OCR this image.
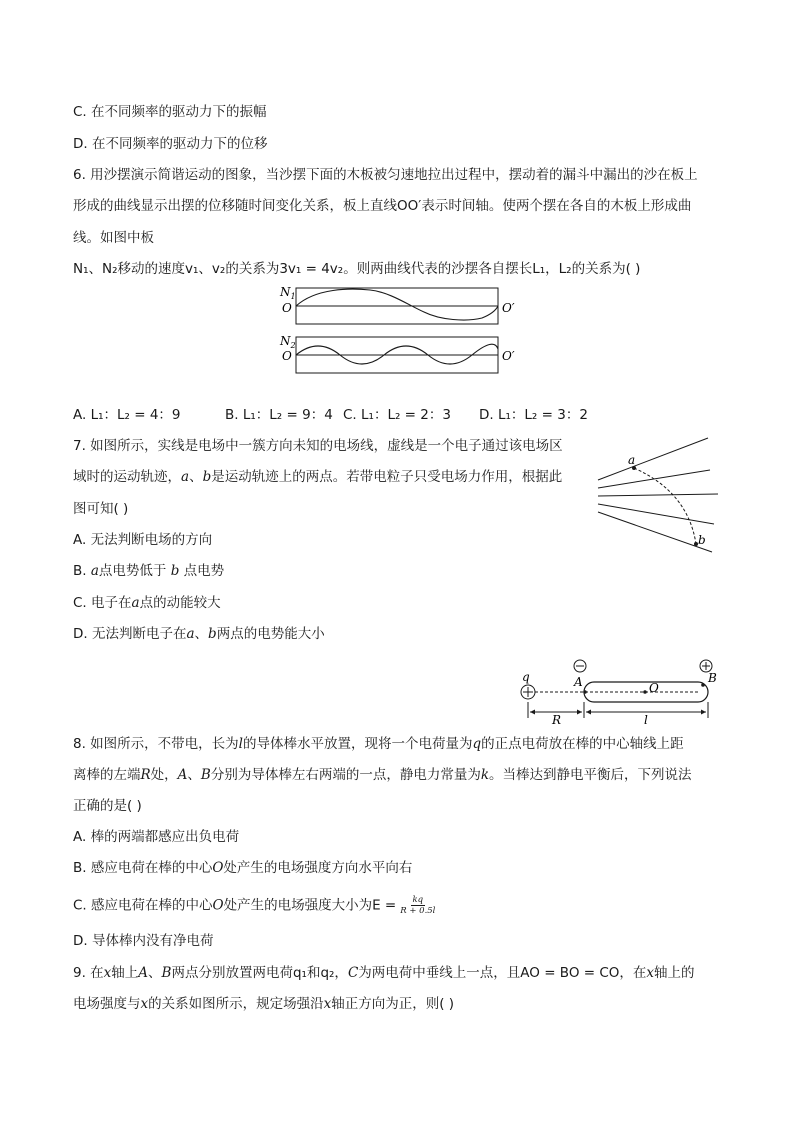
C. 在不同频率的驱动力下的振幅
D. 在不同频率的驱动力下的位移
6. 用沙摆演示简谐运动的图象，当沙摆下面的木板被匀速地拉出过程中，摆动着的漏斗中漏出的沙在板上
形成的曲线显示出摆的位移随时间变化关系，板上直线OO′表示时间轴。使两个摆在各自的木板上形成曲
线。如图中板
N₁、N₂移动的速度v₁、v₂的关系为3v₁ = 4v₂。则两曲线代表的沙摆各自摆长L₁，L₂的关系为( )
$N_1$
O	O′
$N_2$
O	O′
A. L₁：L₂ = 4：9	B. L₁：L₂ = 9：4 C. L₁：L₂ = 2：3 D. L₁：L₂ = 3：2
7. 如图所示，实线是电场中一簇方向未知的电场线，虚线是一个电子通过该电场区
域时的运动轨迹，a、b是运动轨迹上的两点。若带电粒子只受电场力作用，根据此
图可知( )
A. 无法判断电场的方向
B. a点电势低于 b 点电势
C. 电子在a点的动能较大
D. 无法判断电子在a、b两点的电势能大小
a
b
q	A	O
B
R	l
8. 如图所示，不带电，长为l的导体棒水平放置，现将一个电荷量为q的正点电荷放在棒的中心轴线上距
离棒的左端R处，A、B分别为导体棒左右两端的一点，静电力常量为k。当棒达到静电平衡后，下列说法
正确的是( )
A. 棒的两端都感应出负电荷
B. 感应电荷在棒的中心O处产生的电场强度方向水平向右
C. 感应电荷在棒的中心O处产生的电场强度大小为$E = \frac{kq}{R + 0.5l}$
D. 导体棒内没有净电荷
9. 在x轴上A、B两点分别放置两电荷q₁和q₂，C为两电荷中垂线上一点，且AO = BO = CO，在x轴上的
电场强度与x的关系如图所示，规定场强沿x轴正方向为正，则( )
